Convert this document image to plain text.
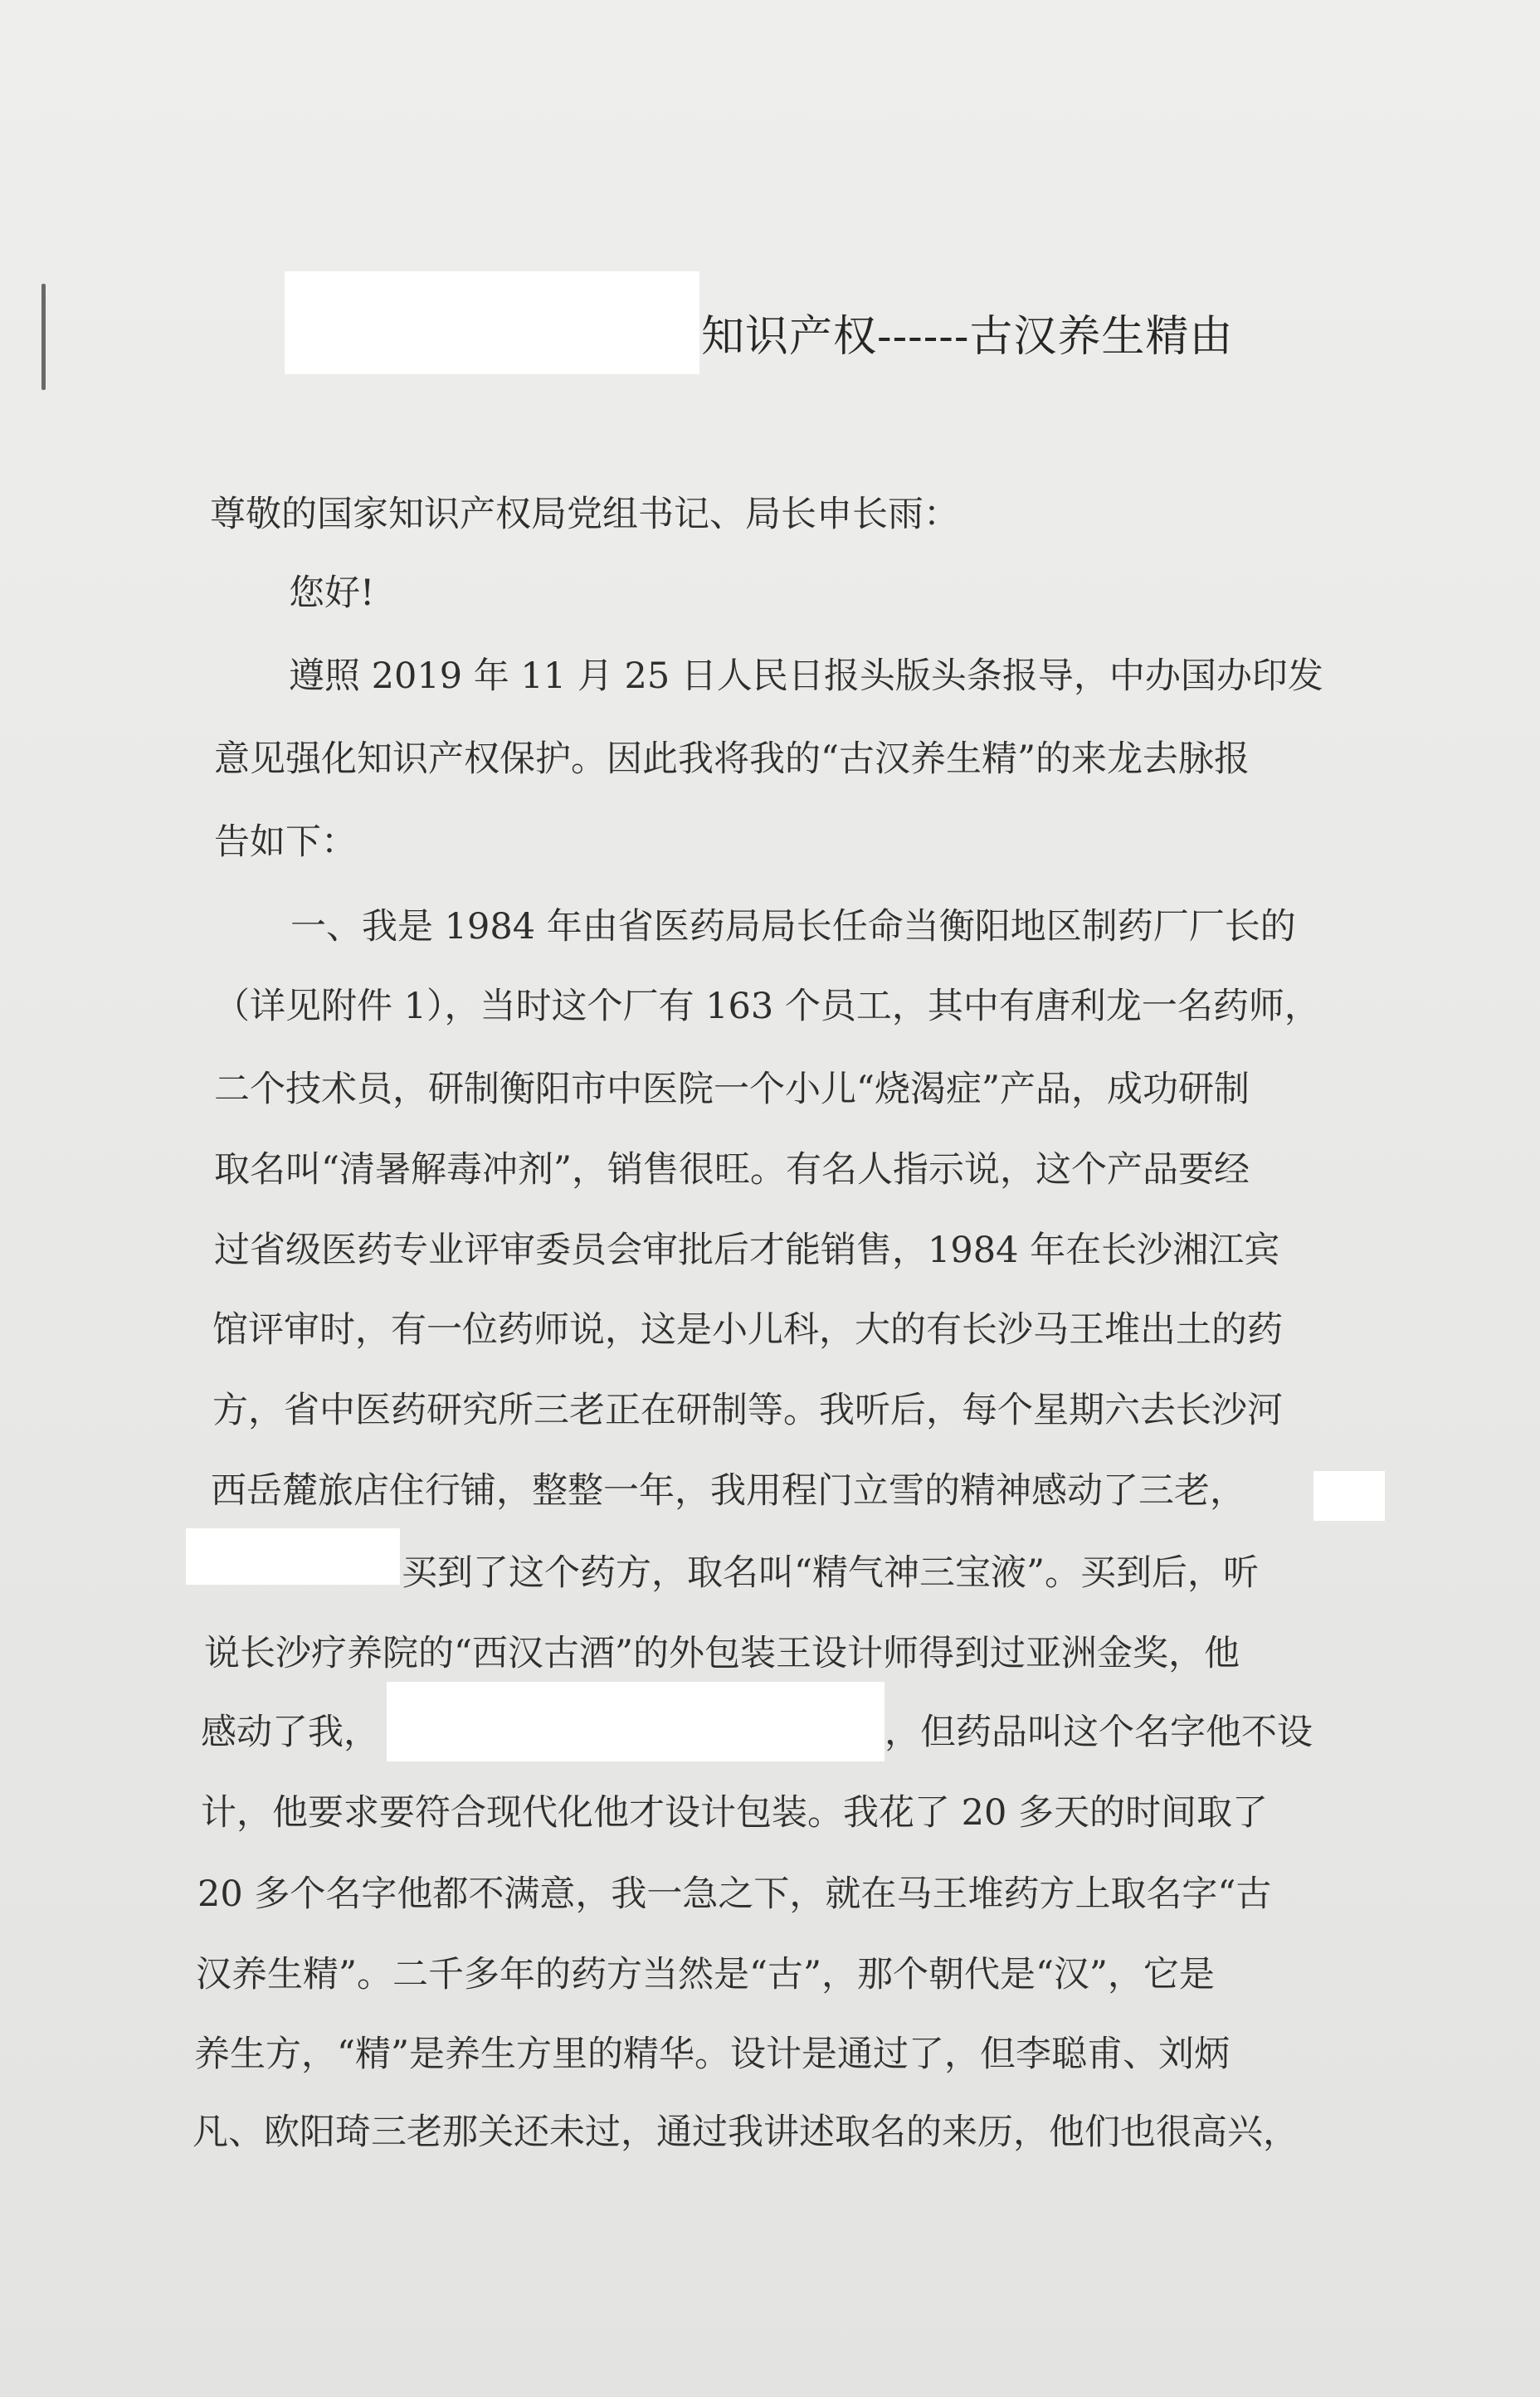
知识产权------古汉养生精由
尊敬的国家知识产权局党组书记、局长申长雨：
您好!
遵照 2019 年 11 月 25 日人民日报头版头条报导，中办国办印发
意见强化知识产权保护。因此我将我的“古汉养生精”的来龙去脉报
告如下：
一、我是 1984 年由省医药局局长任命当衡阳地区制药厂厂长的
（详见附件 1），当时这个厂有 163 个员工，其中有唐利龙一名药师，
二个技术员，研制衡阳市中医院一个小儿“烧渴症”产品，成功研制
取名叫“清暑解毒冲剂”，销售很旺。有名人指示说，这个产品要经
过省级医药专业评审委员会审批后才能销售，1984 年在长沙湘江宾
馆评审时，有一位药师说，这是小儿科，大的有长沙马王堆出土的药
方，省中医药研究所三老正在研制等。我听后，每个星期六去长沙河
西岳麓旅店住行铺，整整一年，我用程门立雪的精神感动了三老，
买到了这个药方，取名叫“精气神三宝液”。买到后，听
说长沙疗养院的“西汉古酒”的外包装王设计师得到过亚洲金奖，他
感动了我，	，但药品叫这个名字他不设
计，他要求要符合现代化他才设计包装。我花了 20 多天的时间取了
20 多个名字他都不满意，我一急之下，就在马王堆药方上取名字“古
汉养生精”。二千多年的药方当然是“古”，那个朝代是“汉”，它是
养生方，“精”是养生方里的精华。设计是通过了，但李聪甫、刘炳
凡、欧阳琦三老那关还未过，通过我讲述取名的来历，他们也很高兴，
